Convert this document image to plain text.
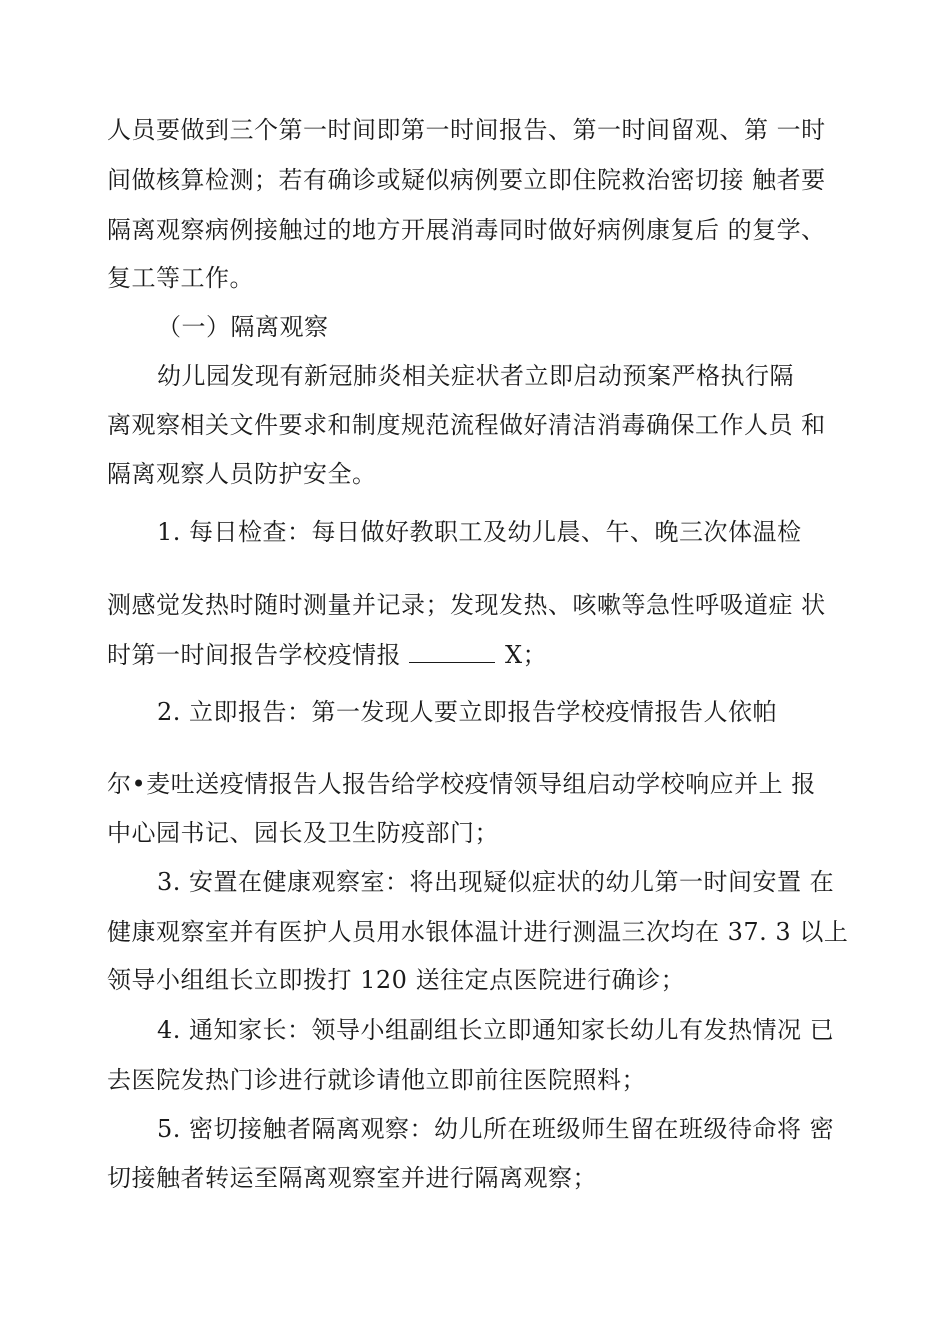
人员要做到三个第一时间即第一时间报告、第一时间留观、第 一时
间做核算检测；若有确诊或疑似病例要立即住院救治密切接 触者要
隔离观察病例接触过的地方开展消毒同时做好病例康复后 的复学、
复工等工作。
（一）隔离观察
幼儿园发现有新冠肺炎相关症状者立即启动预案严格执行隔
离观察相关文件要求和制度规范流程做好清洁消毒确保工作人员 和
隔离观察人员防护安全。
1. 每日检查：每日做好教职工及幼儿晨、午、晚三次体温检
测感觉发热时随时测量并记录；发现发热、咳嗽等急性呼吸道症 状
时第一时间报告学校疫情报	X；
2. 立即报告：第一发现人要立即报告学校疫情报告人依帕
尔•麦吐送疫情报告人报告给学校疫情领导组启动学校响应并上 报
中心园书记、园长及卫生防疫部门；
3. 安置在健康观察室：将出现疑似症状的幼儿第一时间安置 在
健康观察室并有医护人员用水银体温计进行测温三次均在 37. 3 以上
领导小组组长立即拨打 120 送往定点医院进行确诊；
4. 通知家长：领导小组副组长立即通知家长幼儿有发热情况 已
去医院发热门诊进行就诊请他立即前往医院照料；
5. 密切接触者隔离观察：幼儿所在班级师生留在班级待命将 密
切接触者转运至隔离观察室并进行隔离观察；
